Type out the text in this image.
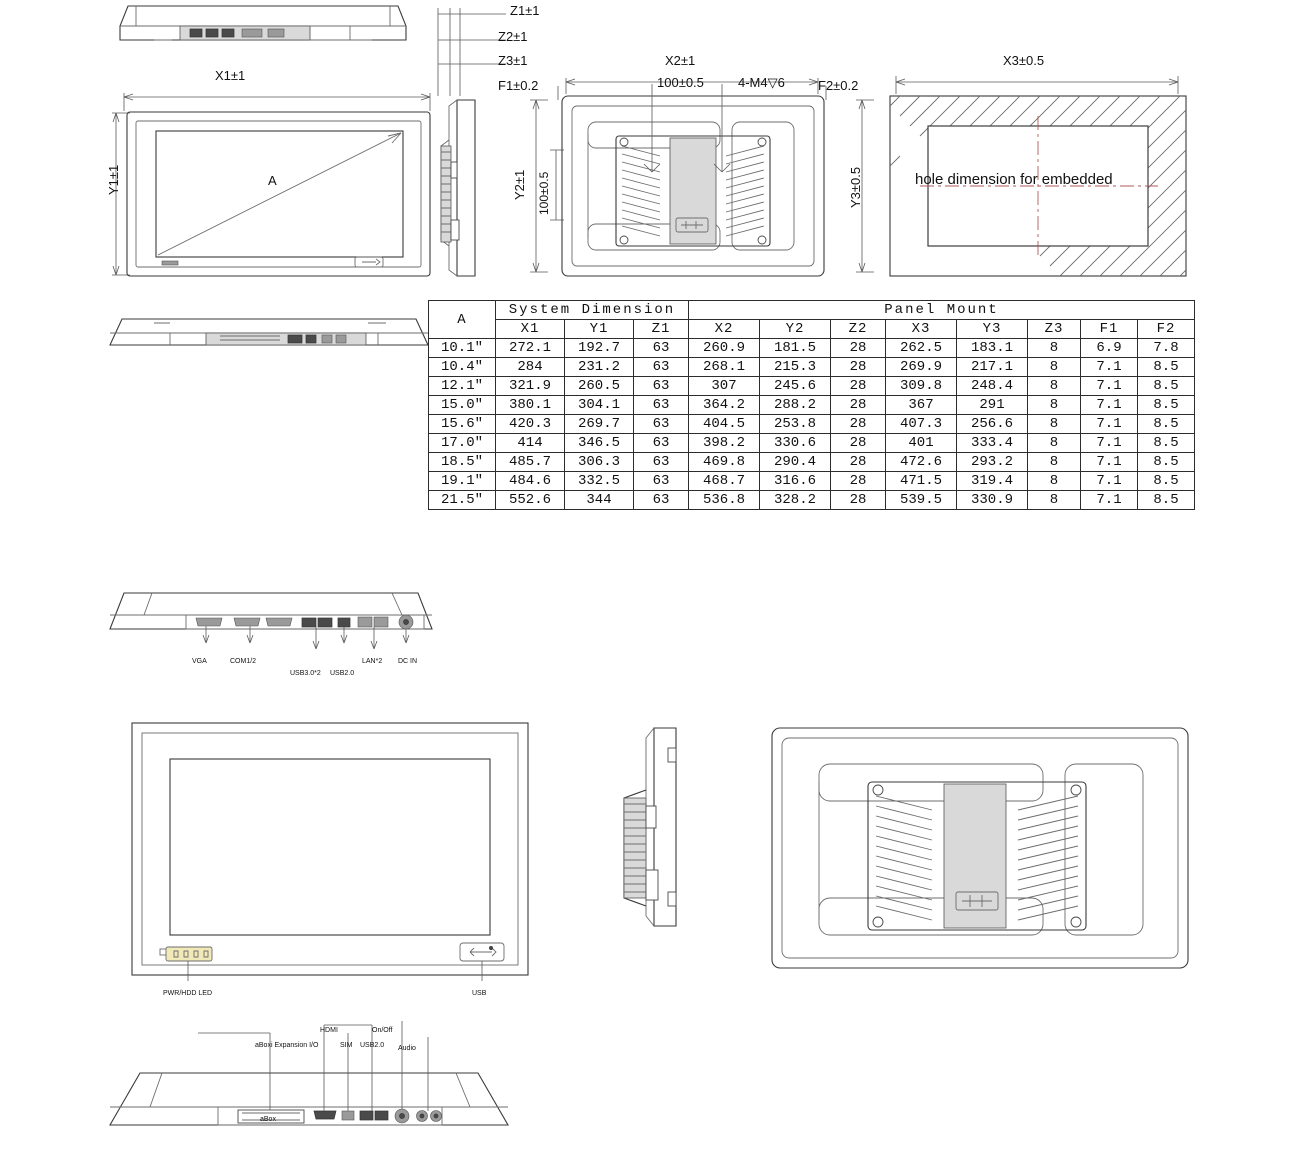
A
X1±1
Y1±1
Z1±1
Z2±1
Z3±1	X2±1
Y2±1 100±0.5
100±0.5	4-M4▽6
F1±0.2	F2±0.2
X3±0.5
Y3±0.5	hole dimension for embedded
A	System Dimension			Panel Mount							
	X1	Y1	Z1	X2	Y2	Z2	X3	Y3	Z3	F1	F2
10.1"	272.1	192.7	63	260.9	181.5	28	262.5	183.1	8	6.9	7.8
10.4"	284	231.2	63	268.1	215.3	28	269.9	217.1	8	7.1	8.5
12.1"	321.9	260.5	63	307	245.6	28	309.8	248.4	8	7.1	8.5
15.0"	380.1	304.1	63	364.2	288.2	28	367	291	8	7.1	8.5
15.6"	420.3	269.7	63	404.5	253.8	28	407.3	256.6	8	7.1	8.5
17.0"	414	346.5	63	398.2	330.6	28	401	333.4	8	7.1	8.5
18.5"	485.7	306.3	63	469.8	290.4	28	472.6	293.2	8	7.1	8.5
19.1"	484.6	332.5	63	468.7	316.6	28	471.5	319.4	8	7.1	8.5
21.5"	552.6	344	63	536.8	328.2	28	539.5	330.9	8	7.1	8.5
VGA	COM1/2
USB3.0*2 USB2.0
LAN*2 DC IN
PWR/HDD LED	USB
aBox
aBoxi Expansion I/O
HDMI
SIM USB2.0
On/Off
Audio
